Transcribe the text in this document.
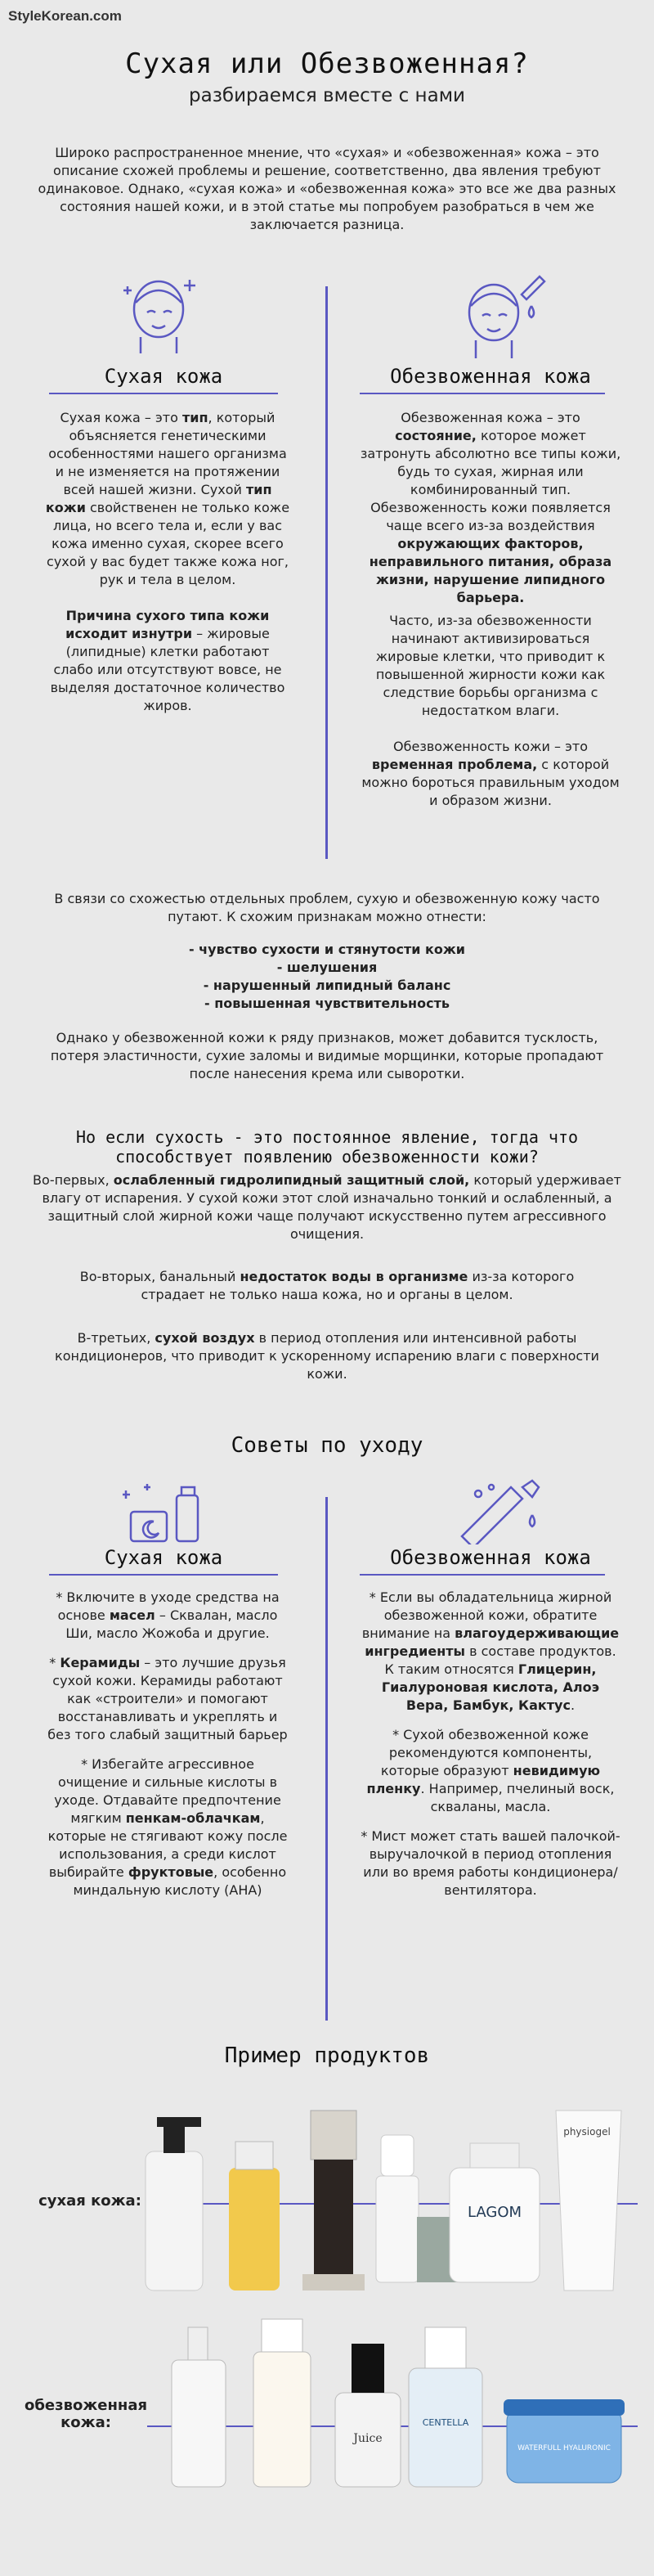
StyleKorean.com
Сухая или Обезвоженная?
разбираемся вместе с нами
Широко распространенное мнение, что «сухая» и «обезвоженная» кожа – это описание схожей проблемы и решение, соответственно, два явления требуют одинаковое. Однако, «сухая кожа» и «обезвоженная кожа» это все же два разных состояния нашей кожи, и в этой статье мы попробуем разобраться в чем же заключается разница.
Сухая кожа	Обезвоженная кожа
Сухая кожа – это тип, который объясняется генетическими особенностями нашего организма и не изменяется на протяжении всей нашей жизни. Сухой тип кожи свойственен не только коже лица, но всего тела и, если у вас кожа именно сухая, скорее всего сухой у вас будет также кожа ног, рук и тела в целом.
Причина сухого типа кожи исходит изнутри – жировые (липидные) клетки работают слабо или отсутствуют вовсе, не выделяя достаточное количество жиров.
Обезвоженная кожа – это состояние, которое может затронуть абсолютно все типы кожи, будь то сухая, жирная или комбинированный тип. Обезвоженность кожи появляется чаще всего из-за воздействия окружающих факторов, неправильного питания, образа жизни, нарушение липидного барьера.
Часто, из-за обезвоженности начинают активизироваться жировые клетки, что приводит к повышенной жирности кожи как следствие борьбы организма с недостатком влаги.
Обезвоженность кожи – это временная проблема, с которой можно бороться правильным уходом и образом жизни.
В связи со схожестью отдельных проблем, сухую и обезвоженную кожу часто путают. К схожим признакам можно отнести:
- чувство сухости и стянутости кожи
- шелушения
- нарушенный липидный баланс
- повышенная чувствительность
Однако у обезвоженной кожи к ряду признаков, может добавится тусклость, потеря эластичности, сухие заломы и видимые морщинки, которые пропадают после нанесения крема или сыворотки.
Но если сухость - это постоянное явление, тогда что способствует появлению обезвоженности кожи?
Во-первых, ослабленный гидролипидный защитный слой, который удерживает влагу от испарения. У сухой кожи этот слой изначально тонкий и ослабленный, а защитный слой жирной кожи чаще получают искусственно путем агрессивного очищения.
Во-вторых, банальный недостаток воды в организме из-за которого страдает не только наша кожа, но и органы в целом.
В-третьих, сухой воздух в период отопления или интенсивной работы кондиционеров, что приводит к ускоренному испарению влаги с поверхности кожи.
Советы по уходу
Сухая кожа	Обезвоженная кожа
* Включите в уходе средства на основе масел – Сквалан, масло Ши, масло Жожоба и другие.
* Керамиды – это лучшие друзья сухой кожи. Керамиды работают как «строители» и помогают восстанавливать и укреплять и без того слабый защитный барьер
* Избегайте агрессивное очищение и сильные кислоты в уходе. Отдавайте предпочтение мягким пенкам-облачкам, которые не стягивают кожу после использования, а среди кислот выбирайте фруктовые, особенно миндальную кислоту (AHA)
* Если вы обладательница жирной обезвоженной кожи, обратите внимание на влагоудерживающие ингредиенты в составе продуктов. К таким относятся Глицерин, Гиалуроновая кислота, Алоэ Вера, Бамбук, Кактус.
* Сухой обезвоженной коже рекомендуются компоненты, которые образуют невидимую пленку. Например, пчелиный воск, скваланы, масла.
* Мист может стать вашей палочкой-выручалочкой в период отопления или во время работы кондиционера/вентилятора.
Пример продуктов
сухая кожа:
LAGOM
physiogel
обезвоженная
кожа:
Juice
CENTELLA
WATERFULL HYALURONIC
